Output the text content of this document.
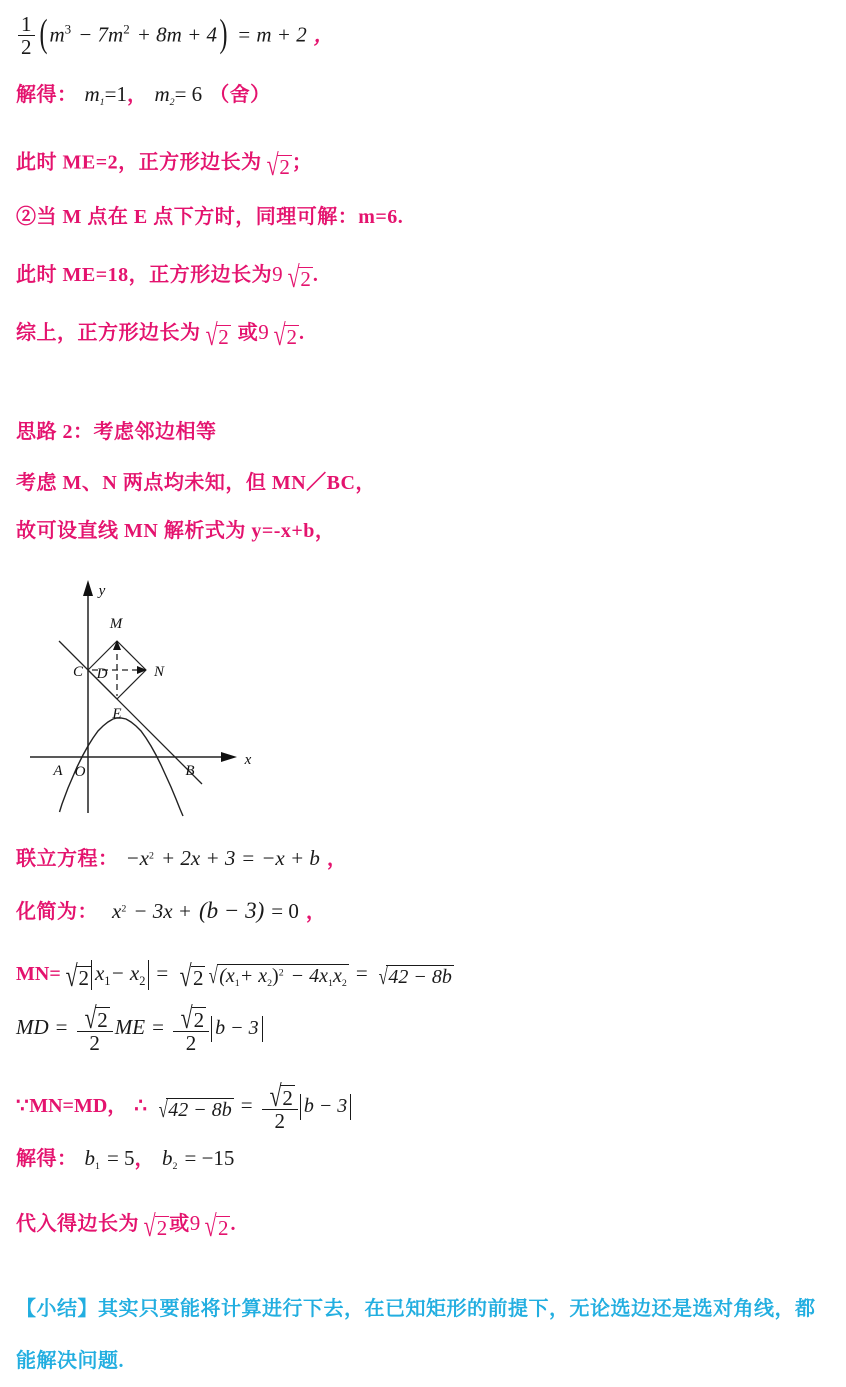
$\frac{1}{2}$ ( $m^3 - 7m^2 + 8m + 4) = m + 2$ ，
解得： $m_1=1$， $m_2= 6$ （舍）
此时 ME=2，正方形边长为 √2 ；
②当 M 点在 E 点下方时，同理可解：m=6.
此时 ME=18，正方形边长为9 √2 .
综上，正方形边长为 √2 或9 √2 .
思路 2：考虑邻边相等
考虑 M、N 两点均未知，但 MN／BC，
故可设直线 MN 解析式为 y=-x+b，
M
C D	N
E
A O	B
y
x
联立方程： $-x^2 + 2x + 3 = -x + b$ ，
化简为： $x^2 - 3x + (b - 3) = 0$ ，
MN= √2 $x_1- x_2 = √2$ $√(x_1+ x_2)^2 - 4x_1x_2 = √42 - 8b$
MD = $\frac{√2}{2}$ ME = $\frac{√2}{2}$ b − 3
∵MN=MD， ∴ $√42 - 8b = \frac{√2}{2}$ b − 3
解得： $b_1 = 5$， $b_2 = -15$
代入得边长为 √2 或9 √2 .
【小结】其实只要能将计算进行下去，在已知矩形的前提下，无论选边还是选对角线，都能解决问题.
